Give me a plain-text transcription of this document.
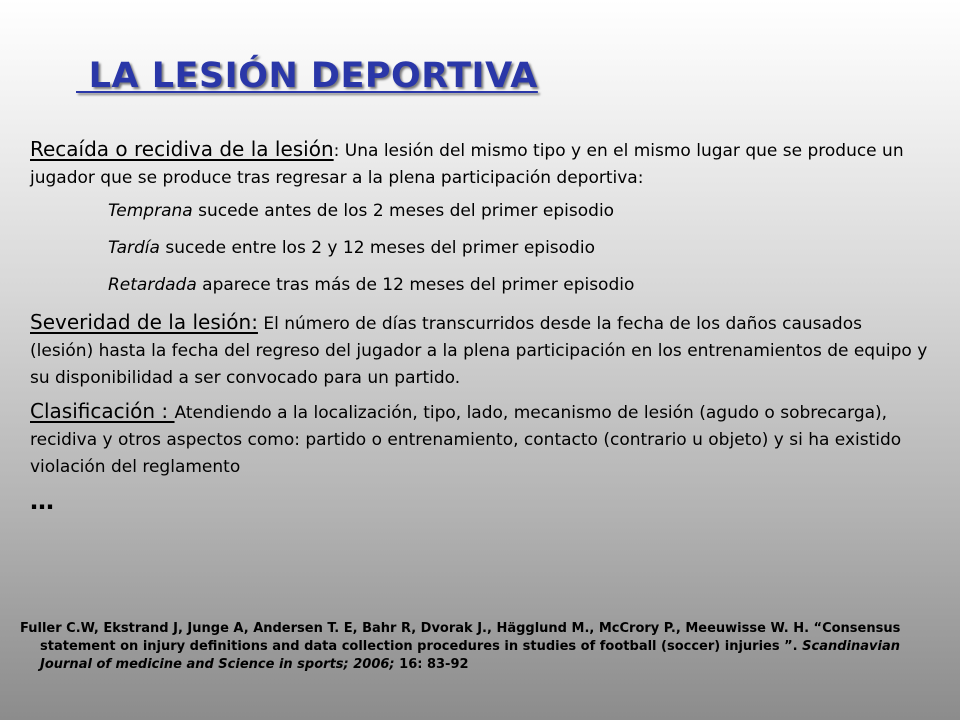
LA LESIÓN DEPORTIVA

Recaída o recidiva de la lesión: Una lesión del mismo tipo y en el mismo lugar que se produce un jugador que se produce tras regresar a la plena participación deportiva:

Temprana sucede antes de los 2 meses del primer episodio

Tardía sucede entre los 2 y 12 meses del primer episodio

Retardada aparece tras más de 12 meses del primer episodio

Severidad de la lesión: El número de días transcurridos desde la fecha de los daños causados (lesión) hasta la fecha del regreso del jugador a la plena participación en los entrenamientos de equipo y su disponibilidad a ser convocado para un partido.

Clasificación : Atendiendo a la localización, tipo, lado, mecanismo de lesión (agudo o sobrecarga), recidiva y otros aspectos como: partido o entrenamiento, contacto (contrario u objeto) y si ha existido violación del reglamento

…
Fuller C.W, Ekstrand J, Junge A, Andersen T. E, Bahr R, Dvorak J., Hägglund M., McCrory P., Meeuwisse W. H. “Consensus statement on injury definitions and data collection procedures in studies of football (soccer) injuries ”. Scandinavian Journal of medicine and Science in sports; 2006; 16: 83-92
